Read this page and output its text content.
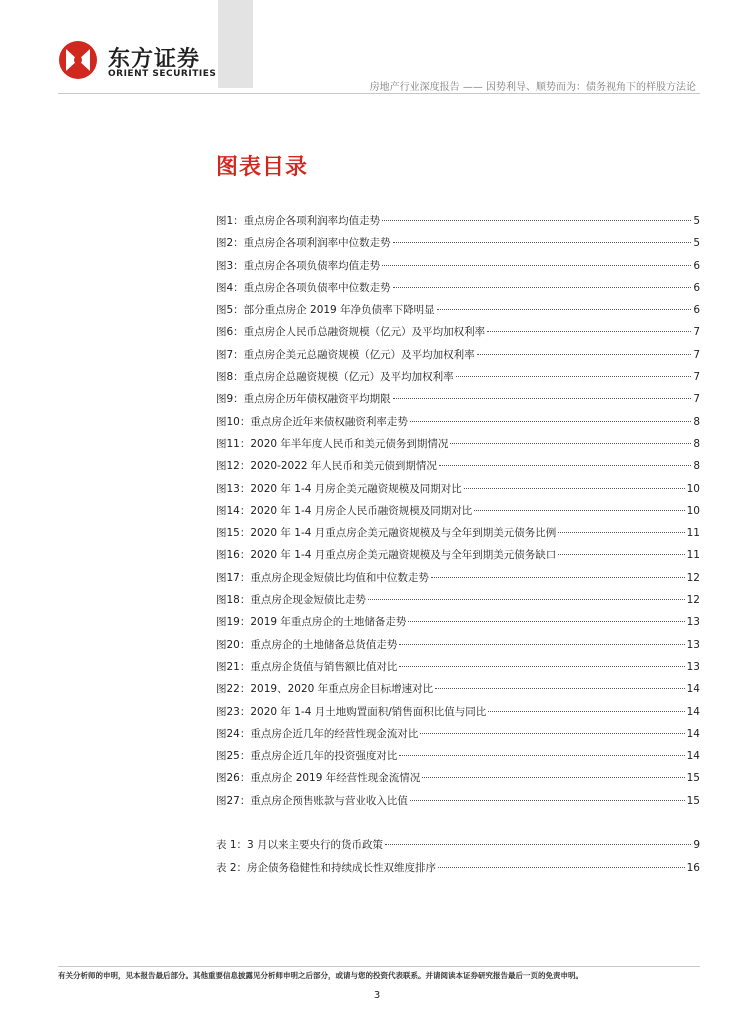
东方证券
ORIENT SECURITIES
房地产行业深度报告 —— 因势利导、顺势而为：债务视角下的样股方法论
图表目录
图1：重点房企各项利润率均值走势	5
图2：重点房企各项利润率中位数走势	5
图3：重点房企各项负债率均值走势	6
图4：重点房企各项负债率中位数走势	6
图5：部分重点房企 2019 年净负债率下降明显	6
图6：重点房企人民币总融资规模（亿元）及平均加权利率	7
图7：重点房企美元总融资规模（亿元）及平均加权利率	7
图8：重点房企总融资规模（亿元）及平均加权利率	7
图9：重点房企历年债权融资平均期限	7
图10：重点房企近年来债权融资利率走势	8
图11：2020 年半年度人民币和美元债务到期情况	8
图12：2020-2022 年人民币和美元债到期情况	8
图13：2020 年 1-4 月房企美元融资规模及同期对比	10
图14：2020 年 1-4 月房企人民币融资规模及同期对比	10
图15：2020 年 1-4 月重点房企美元融资规模及与全年到期美元债务比例	11
图16：2020 年 1-4 月重点房企美元融资规模及与全年到期美元债务缺口	11
图17：重点房企现金短债比均值和中位数走势	12
图18：重点房企现金短债比走势	12
图19：2019 年重点房企的土地储备走势	13
图20：重点房企的土地储备总货值走势	13
图21：重点房企货值与销售额比值对比	13
图22：2019、2020 年重点房企目标增速对比	14
图23：2020 年 1-4 月土地购置面积/销售面积比值与同比	14
图24：重点房企近几年的经营性现金流对比	14
图25：重点房企近几年的投资强度对比	14
图26：重点房企 2019 年经营性现金流情况	15
图27：重点房企预售账款与营业收入比值	15
表 1：3 月以来主要央行的货币政策	9
表 2：房企债务稳健性和持续成长性双维度排序	16
有关分析师的申明，见本报告最后部分。其他重要信息披露见分析师申明之后部分，或请与您的投资代表联系。并请阅读本证券研究报告最后一页的免责申明。
3
